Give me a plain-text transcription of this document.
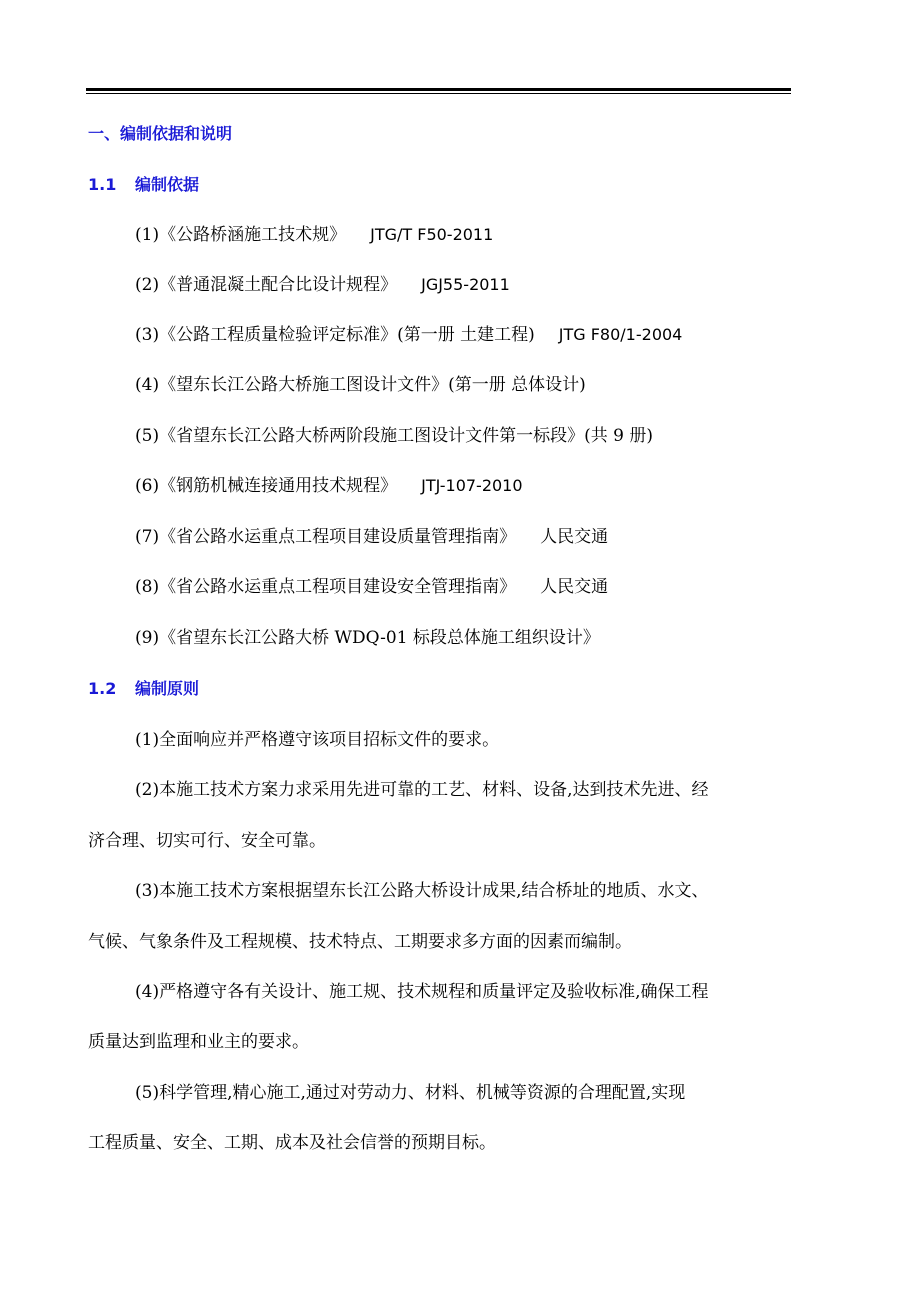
一、编制依据和说明
1.1 编制依据
(1)《公路桥涵施工技术规》 JTG/T F50-2011
(2)《普通混凝土配合比设计规程》 JGJ55-2011
(3)《公路工程质量检验评定标准》(第一册 土建工程) JTG F80/1-2004
(4)《望东长江公路大桥施工图设计文件》(第一册 总体设计)
(5)《省望东长江公路大桥两阶段施工图设计文件第一标段》(共 9 册)
(6)《钢筋机械连接通用技术规程》 JTJ-107-2010
(7)《省公路水运重点工程项目建设质量管理指南》 人民交通
(8)《省公路水运重点工程项目建设安全管理指南》 人民交通
(9)《省望东长江公路大桥 WDQ-01 标段总体施工组织设计》
1.2 编制原则
(1)全面响应并严格遵守该项目招标文件的要求。
(2)本施工技术方案力求采用先进可靠的工艺、材料、设备,达到技术先进、经
济合理、切实可行、安全可靠。
(3)本施工技术方案根据望东长江公路大桥设计成果,结合桥址的地质、水文、
气候、气象条件及工程规模、技术特点、工期要求多方面的因素而编制。
(4)严格遵守各有关设计、施工规、技术规程和质量评定及验收标准,确保工程
质量达到监理和业主的要求。
(5)科学管理,精心施工,通过对劳动力、材料、机械等资源的合理配置,实现
工程质量、安全、工期、成本及社会信誉的预期目标。
